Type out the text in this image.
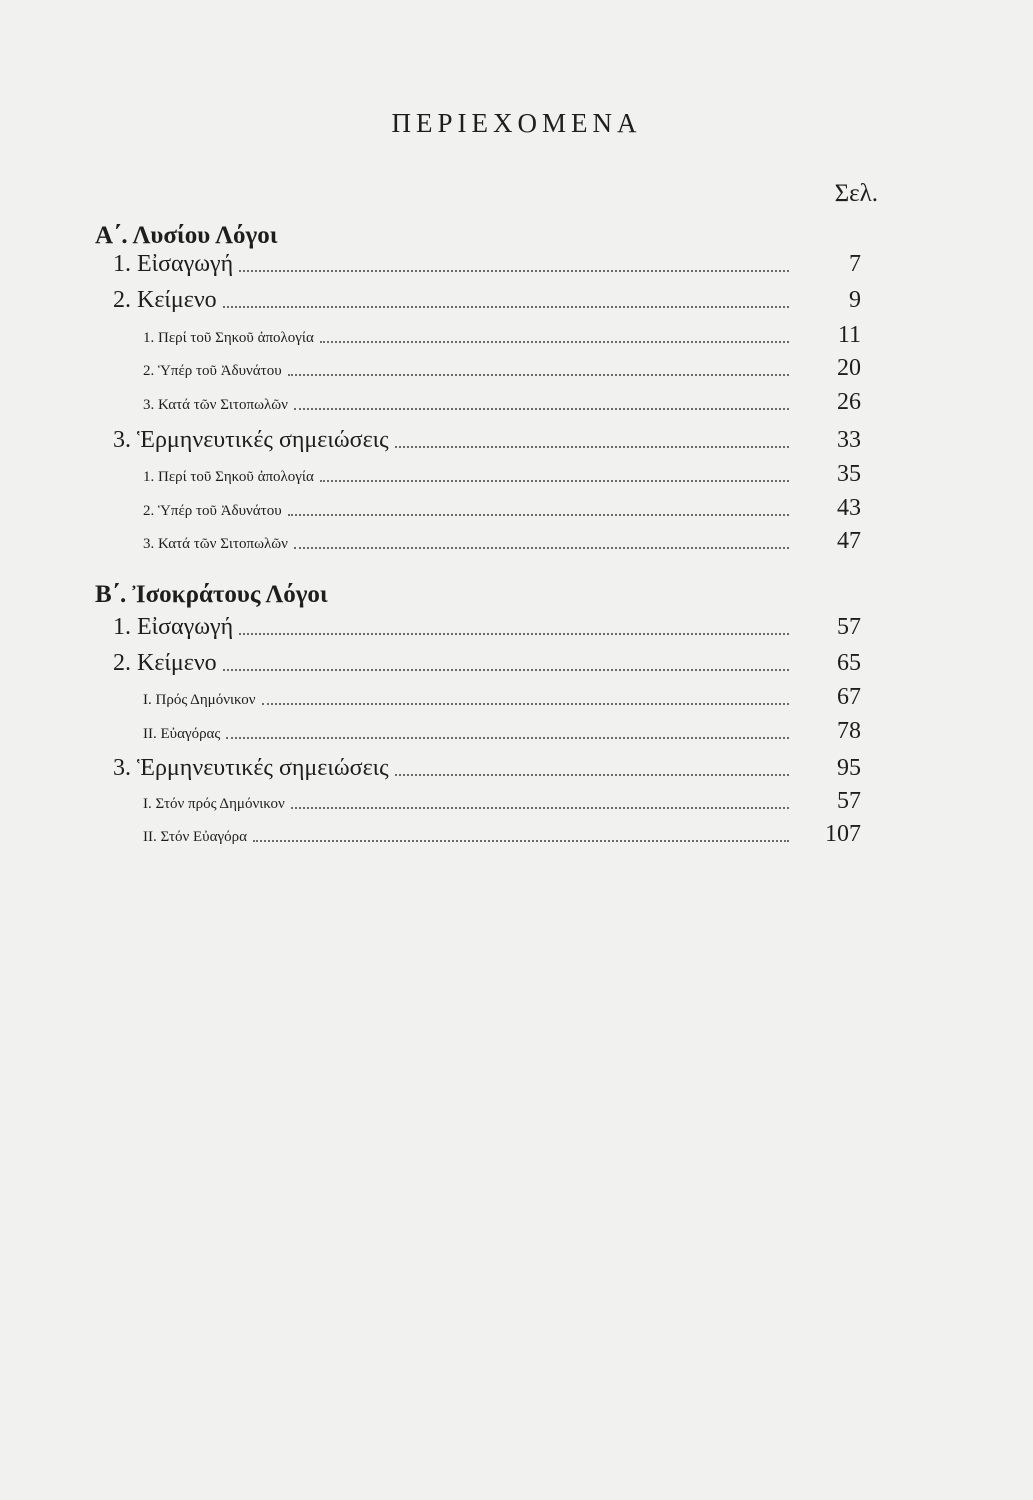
ΠΕΡΙΕΧΟΜΕΝΑ
Σελ.
Α΄. Λυσίου Λόγοι
1. Εἰσαγωγή	7
2. Κείμενο	9
1. Περί τοῦ Σηκοῦ ἀπολογία	11
2. Ὑπέρ τοῦ Ἀδυνάτου	20
3. Κατά τῶν Σιτοπωλῶν	26
3. Ἑρμηνευτικές σημειώσεις	33
1. Περί τοῦ Σηκοῦ ἀπολογία	35
2. Ὑπέρ τοῦ Ἀδυνάτου	43
3. Κατά τῶν Σιτοπωλῶν	47
Β΄. Ἰσοκράτους Λόγοι
1. Εἰσαγωγή	57
2. Κείμενο	65
I. Πρός Δημόνικον	67
II. Εὐαγόρας	78
3. Ἑρμηνευτικές σημειώσεις	95
I. Στόν πρός Δημόνικον	57
II. Στόν Εὐαγόρα	107
